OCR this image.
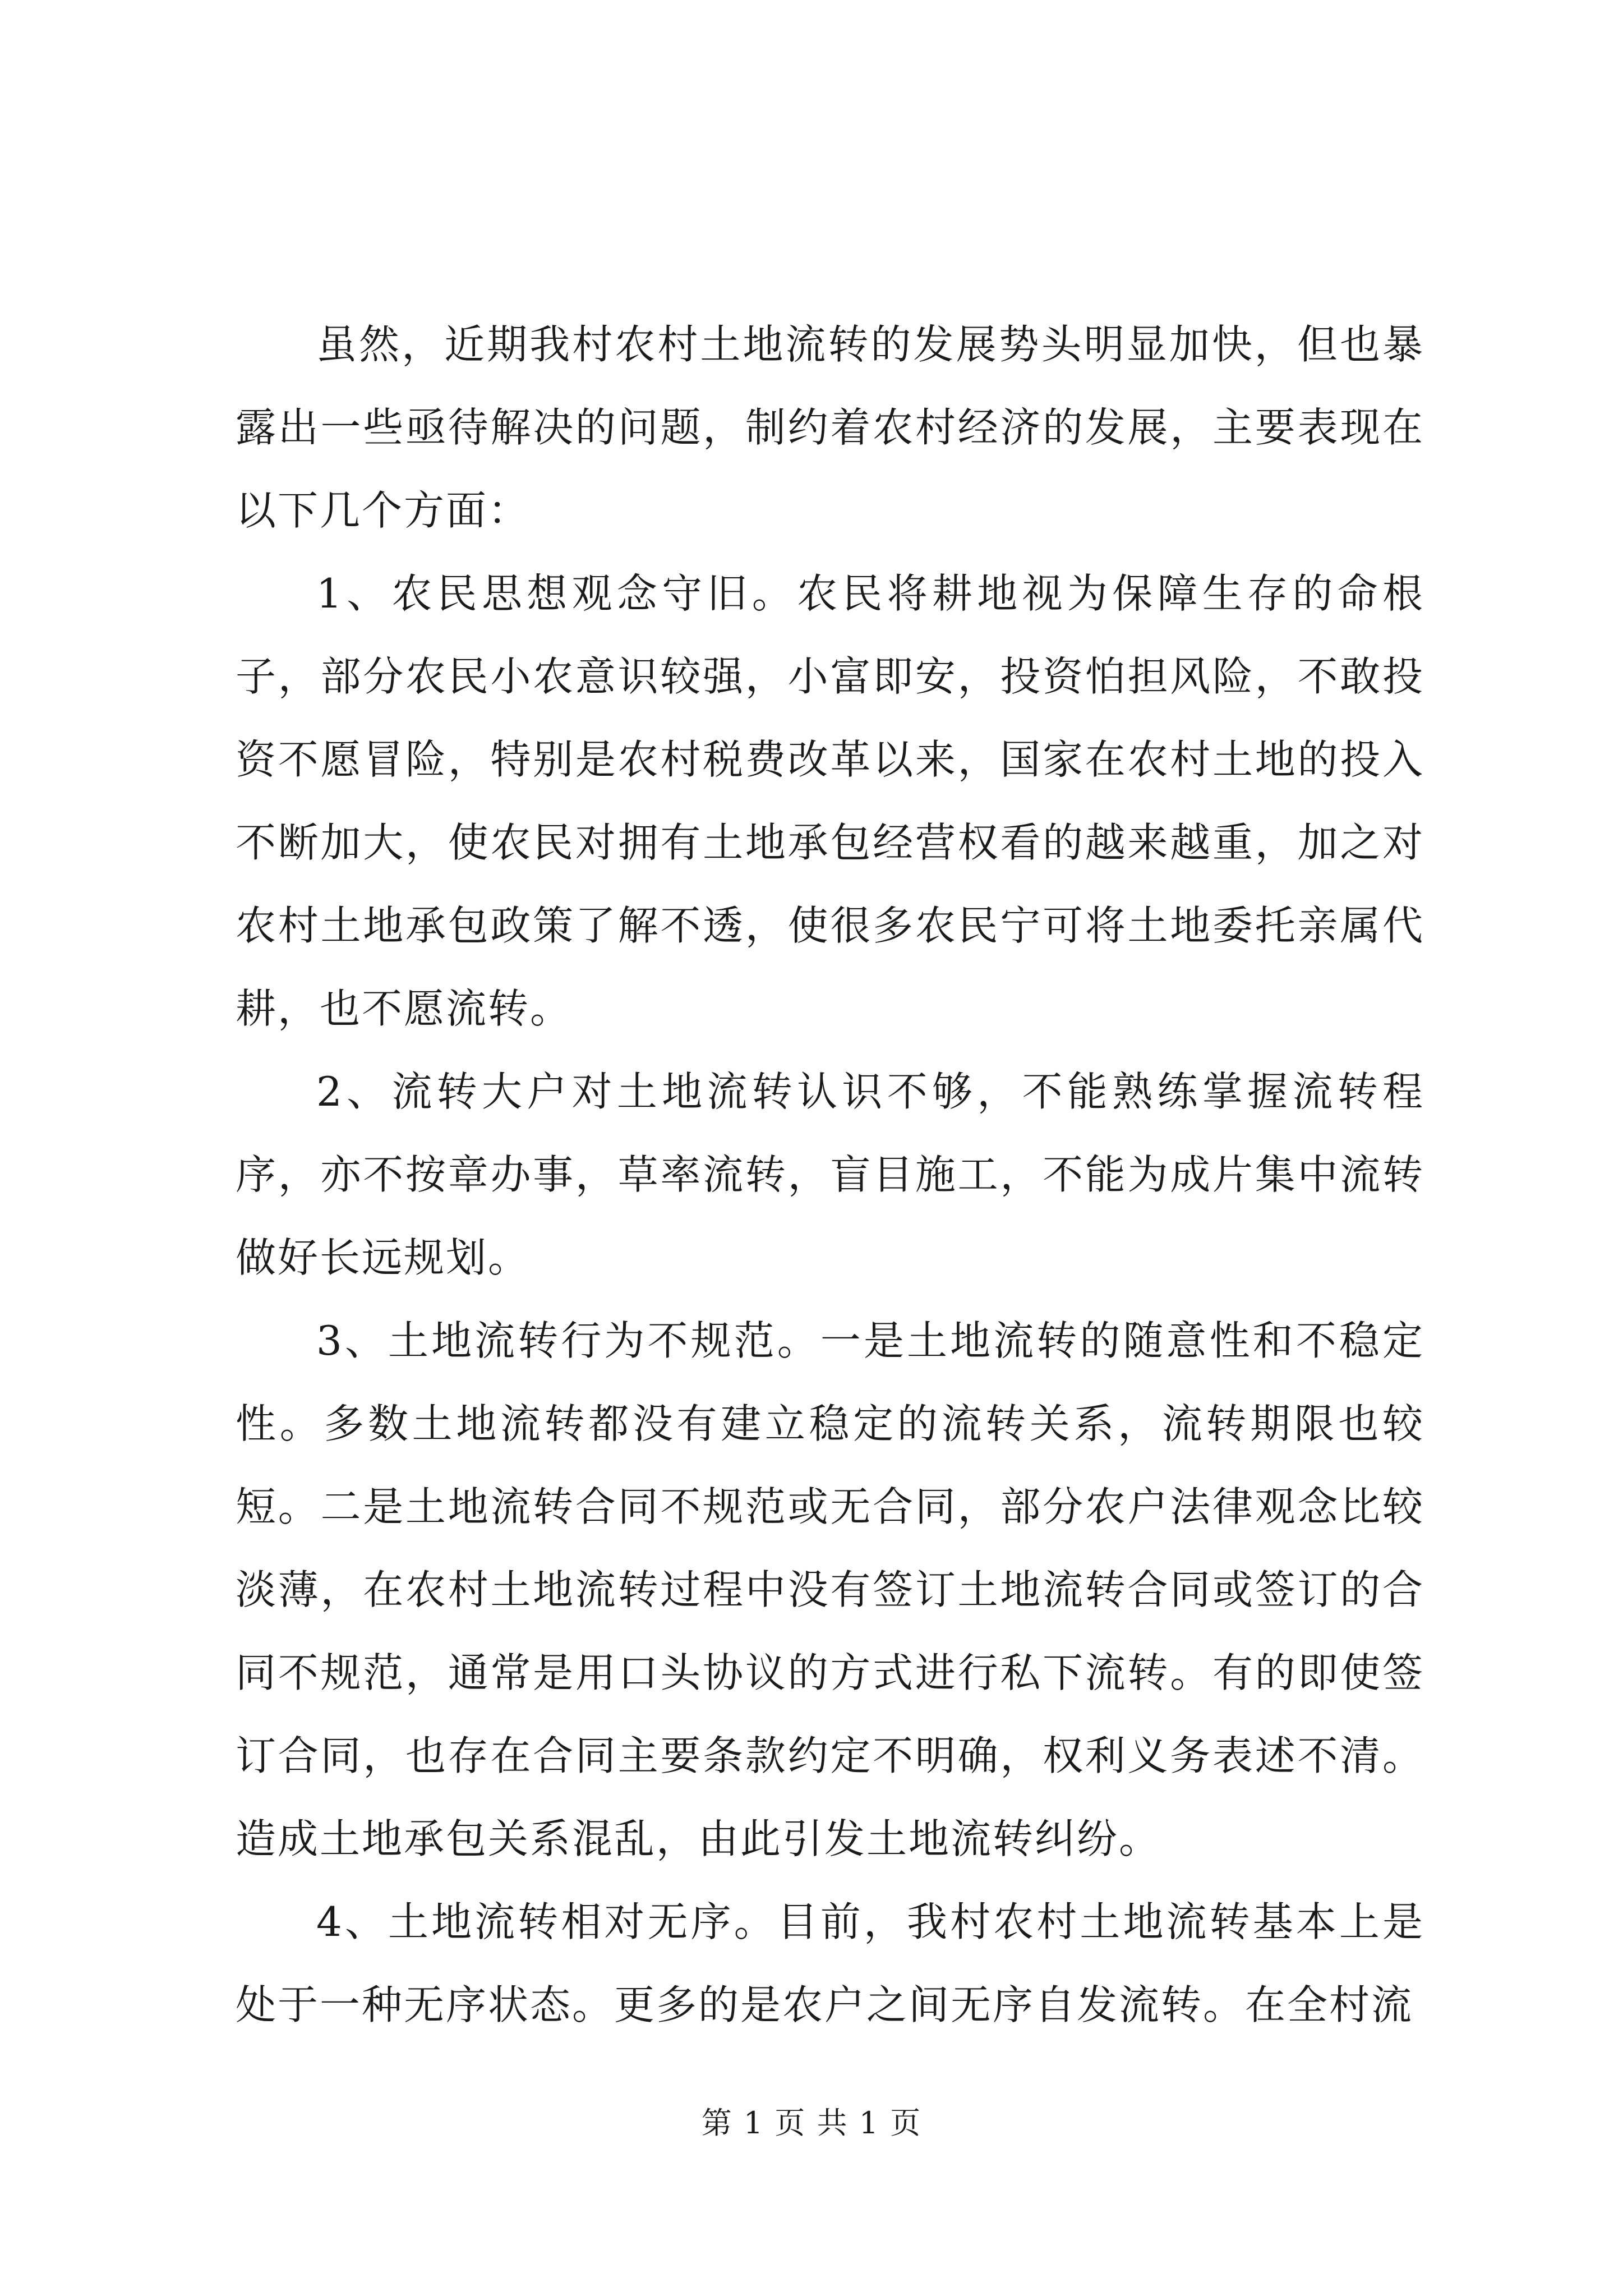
虽然，近期我村农村土地流转的发展势头明显加快，但也暴露出一些亟待解决的问题，制约着农村经济的发展，主要表现在以下几个方面：

1、农民思想观念守旧。农民将耕地视为保障生存的命根子，部分农民小农意识较强，小富即安，投资怕担风险，不敢投资不愿冒险，特别是农村税费改革以来，国家在农村土地的投入不断加大，使农民对拥有土地承包经营权看的越来越重，加之对农村土地承包政策了解不透，使很多农民宁可将土地委托亲属代耕，也不愿流转。

2、流转大户对土地流转认识不够，不能熟练掌握流转程序，亦不按章办事，草率流转，盲目施工，不能为成片集中流转做好长远规划。

3、土地流转行为不规范。一是土地流转的随意性和不稳定性。多数土地流转都没有建立稳定的流转关系，流转期限也较短。二是土地流转合同不规范或无合同，部分农户法律观念比较淡薄，在农村土地流转过程中没有签订土地流转合同或签订的合同不规范，通常是用口头协议的方式进行私下流转。有的即使签订合同，也存在合同主要条款约定不明确，权利义务表述不清。造成土地承包关系混乱，由此引发土地流转纠纷。

4、土地流转相对无序。目前，我村农村土地流转基本上是处于一种无序状态。更多的是农户之间无序自发流转。在全村流

第 1 页 共 1 页
